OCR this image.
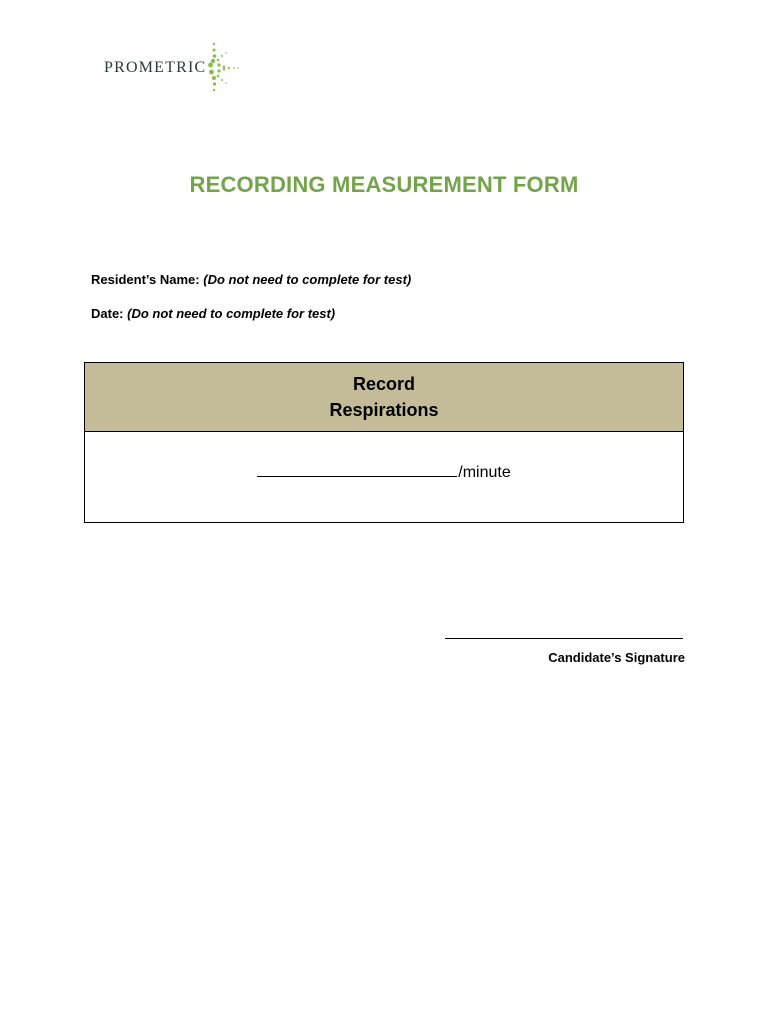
PROMETRIC
RECORDING MEASUREMENT FORM
Resident’s Name: (Do not need to complete for test)
Date: (Do not need to complete for test)
Record
Respirations
/minute
Candidate’s Signature
